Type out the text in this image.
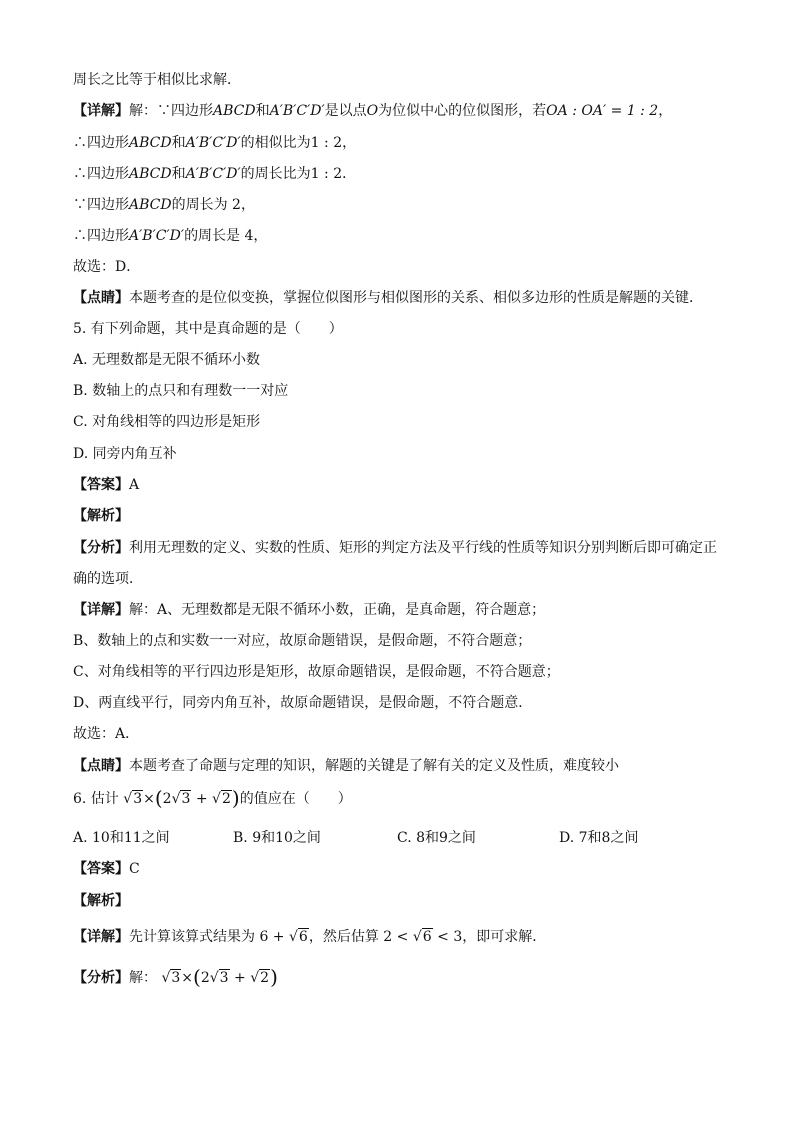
周长之比等于相似比求解．
【详解】解：∵四边形ABCD和A′B′C′D′是以点O为位似中心的位似图形，若OA : OA′ = 1 : 2，
∴四边形ABCD和A′B′C′D′的相似比为1 : 2，
∴四边形ABCD和A′B′C′D′的周长比为1 : 2．
∵四边形ABCD的周长为 2，
∴四边形A′B′C′D′的周长是 4，
故选：D．
【点睛】本题考查的是位似变换，掌握位似图形与相似图形的关系、相似多边形的性质是解题的关键．
5. 有下列命题，其中是真命题的是（　　）
A. 无理数都是无限不循环小数
B. 数轴上的点只和有理数一一对应
C. 对角线相等的四边形是矩形
D. 同旁内角互补
【答案】A
【解析】
【分析】利用无理数的定义、实数的性质、矩形的判定方法及平行线的性质等知识分别判断后即可确定正
确的选项．
【详解】解：A、无理数都是无限不循环小数，正确，是真命题，符合题意；
B、数轴上的点和实数一一对应，故原命题错误，是假命题，不符合题意；
C、对角线相等的平行四边形是矩形，故原命题错误，是假命题，不符合题意；
D、两直线平行，同旁内角互补，故原命题错误，是假命题，不符合题意．
故选：A．
【点睛】本题考查了命题与定理的知识，解题的关键是了解有关的定义及性质，难度较小
6. 估计 √3×(2√3 + √2)的值应在（　　）
A. 10和11之间	B. 9和10之间	C. 8和9之间	D. 7和8之间
【答案】C
【解析】
【详解】先计算该算式结果为 6 + √6，然后估算 2 < √6 < 3，即可求解．
【分析】解： √3×(2√3 + √2)
